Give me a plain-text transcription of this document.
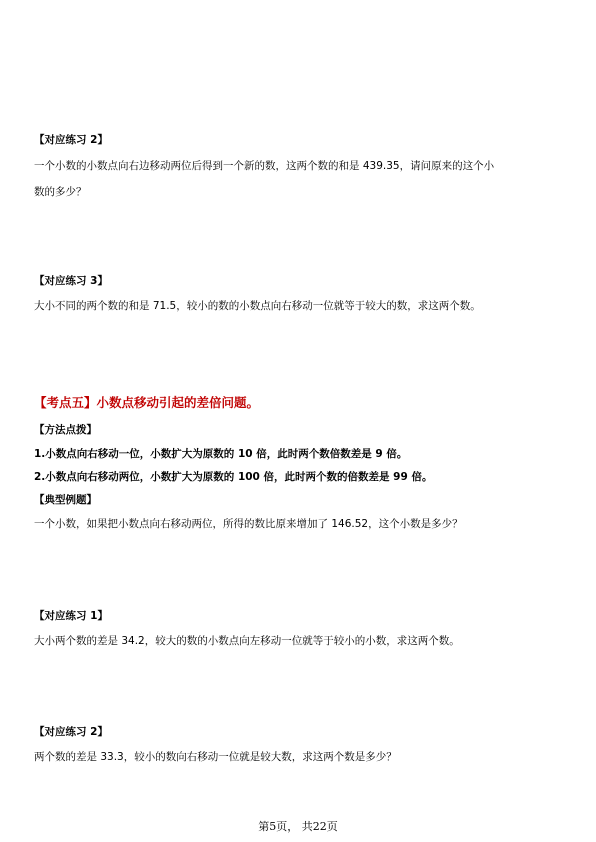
【对应练习 2】
一个小数的小数点向右边移动两位后得到一个新的数，这两个数的和是 439.35，请问原来的这个小
数的多少？
【对应练习 3】
大小不同的两个数的和是 71.5，较小的数的小数点向右移动一位就等于较大的数，求这两个数。
【考点五】小数点移动引起的差倍问题。
【方法点拨】
1.小数点向右移动一位，小数扩大为原数的 10 倍，此时两个数倍数差是 9 倍。
2.小数点向右移动两位，小数扩大为原数的 100 倍，此时两个数的倍数差是 99 倍。
【典型例题】
一个小数，如果把小数点向右移动两位，所得的数比原来增加了 146.52，这个小数是多少？
【对应练习 1】
大小两个数的差是 34.2，较大的数的小数点向左移动一位就等于较小的小数，求这两个数。
【对应练习 2】
两个数的差是 33.3，较小的数向右移动一位就是较大数，求这两个数是多少？
第5页， 共22页
